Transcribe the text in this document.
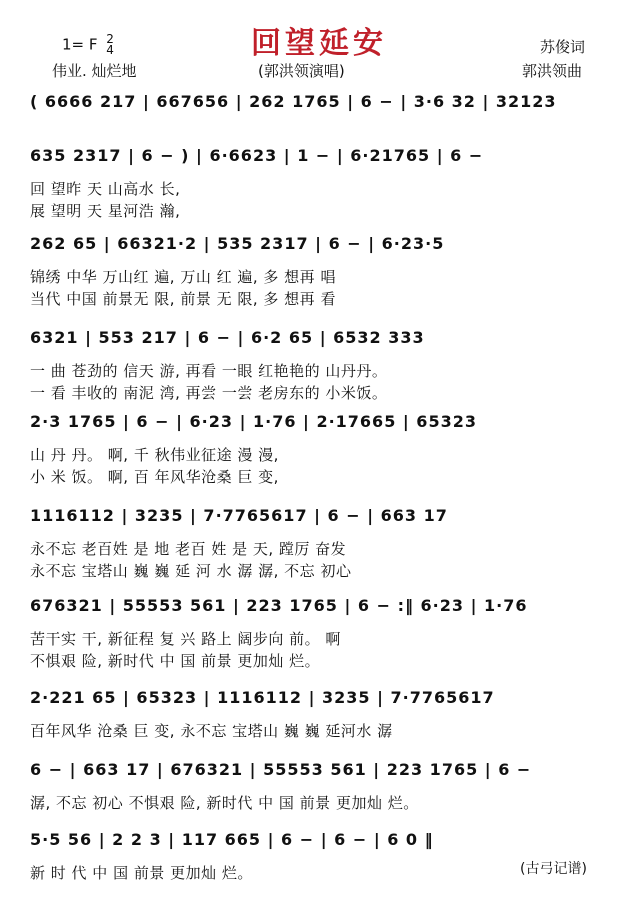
回望延安
1= F 2
4
伟业. 灿烂地	(郭洪领演唱)
苏俊词
郭洪领曲
( 6666 217 | 667656 | 262 1765 | 6 − | 3·6 32 | 32123
635 2317 | 6 − ) | 6·6623 | 1 − | 6·21765 | 6 −
回 望昨 天 山高水 长,
展 望明 天 星河浩 瀚,
262 65 | 66321·2 | 535 2317 | 6 − | 6·23·5
锦绣 中华 万山红 遍, 万山 红 遍, 多 想再 唱
当代 中国 前景无 限, 前景 无 限, 多 想再 看
6321 | 553 217 | 6 − | 6·2 65 | 6532 333
一 曲 苍劲的 信天 游, 再看 一眼 红艳艳的 山丹丹。
一 看 丰收的 南泥 湾, 再尝 一尝 老房东的 小米饭。
2·3 1765 | 6 − | 6·23 | 1·76 | 2·17665 | 65323
山 丹 丹。 啊, 千 秋伟业征途 漫 漫,
小 米 饭。 啊, 百 年风华沧桑 巨 变,
1116112 | 3235 | 7·7765617 | 6 − | 663 17
永不忘 老百姓 是 地 老百 姓 是 天, 蹚厉 奋发
永不忘 宝塔山 巍 巍 延 河 水 潺 潺, 不忘 初心
676321 | 55553 561 | 223 1765 | 6 − :‖ 6·23 | 1·76
苦干实 干, 新征程 复 兴 路上 阔步向 前。 啊
不惧艰 险, 新时代 中 国 前景 更加灿 烂。
2·221 65 | 65323 | 1116112 | 3235 | 7·7765617
百年风华 沧桑 巨 变, 永不忘 宝塔山 巍 巍 延河水 潺
6 − | 663 17 | 676321 | 55553 561 | 223 1765 | 6 −
潺, 不忘 初心 不惧艰 险, 新时代 中 国 前景 更加灿 烂。
5·5 56 | 2 2 3 | 117 665 | 6 − | 6 − | 6 0 ‖
新 时 代 中 国 前景 更加灿 烂。	(古弓记谱)
